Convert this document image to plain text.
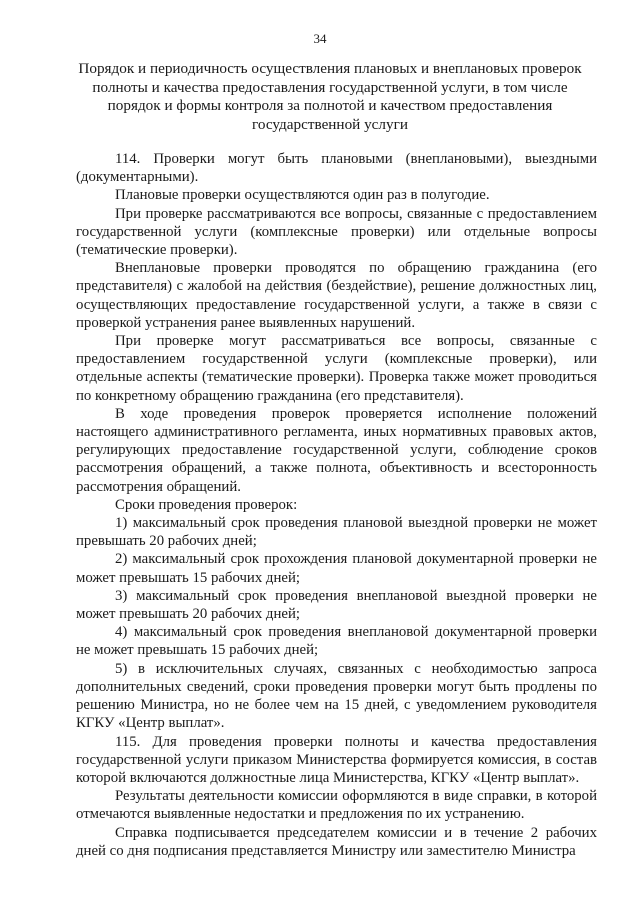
34
Порядок и периодичность осуществления плановых и внеплановых проверок полноты и качества предоставления государственной услуги, в том числе порядок и формы контроля за полнотой и качеством предоставления государственной услуги

114. Проверки могут быть плановыми (внеплановыми), выездными (документарными).

Плановые проверки осуществляются один раз в полугодие.

При проверке рассматриваются все вопросы, связанные с предоставлением государственной услуги (комплексные проверки) или отдельные вопросы (тематические проверки).

Внеплановые проверки проводятся по обращению гражданина (его представителя) с жалобой на действия (бездействие), решение должностных лиц, осуществляющих предоставление государственной услуги, а также в связи с проверкой устранения ранее выявленных нарушений.

При проверке могут рассматриваться все вопросы, связанные с предоставлением государственной услуги (комплексные проверки), или отдельные аспекты (тематические проверки). Проверка также может проводиться по конкретному обращению гражданина (его представителя).

В ходе проведения проверок проверяется исполнение положений настоящего административного регламента, иных нормативных правовых актов, регулирующих предоставление государственной услуги, соблюдение сроков рассмотрения обращений, а также полнота, объективность и всесторонность рассмотрения обращений.

Сроки проведения проверок:

1) максимальный срок проведения плановой выездной проверки не может превышать 20 рабочих дней;

2) максимальный срок прохождения плановой документарной проверки не может превышать 15 рабочих дней;

3) максимальный срок проведения внеплановой выездной проверки не может превышать 20 рабочих дней;

4) максимальный срок проведения внеплановой документарной проверки не может превышать 15 рабочих дней;

5) в исключительных случаях, связанных с необходимостью запроса дополнительных сведений, сроки проведения проверки могут быть продлены по решению Министра, но не более чем на 15 дней, с уведомлением руководителя КГКУ «Центр выплат».

115. Для проведения проверки полноты и качества предоставления государственной услуги приказом Министерства формируется комиссия, в состав которой включаются должностные лица Министерства, КГКУ «Центр выплат».

Результаты деятельности комиссии оформляются в виде справки, в которой отмечаются выявленные недостатки и предложения по их устранению.

Справка подписывается председателем комиссии и в течение 2 рабочих дней со дня подписания представляется Министру или заместителю Министра
